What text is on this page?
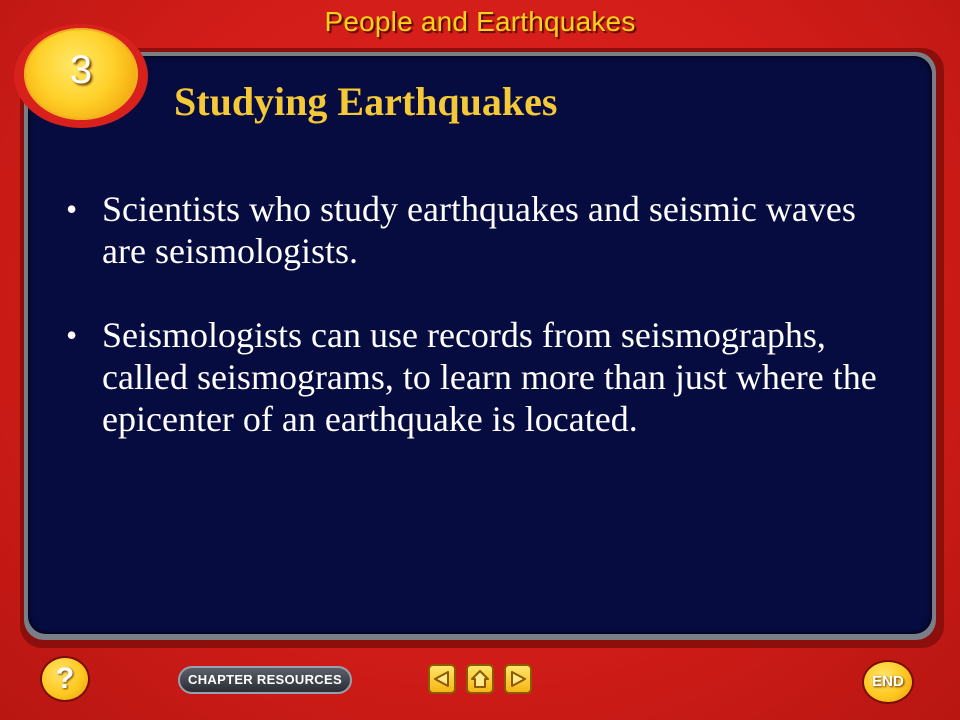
People and Earthquakes
3
Studying Earthquakes
• Scientists who study earthquakes and seismic waves are seismologists.
• Seismologists can use records from seismographs, called seismograms, to learn more than just where the epicenter of an earthquake is located.
?	CHAPTER RESOURCES	END
